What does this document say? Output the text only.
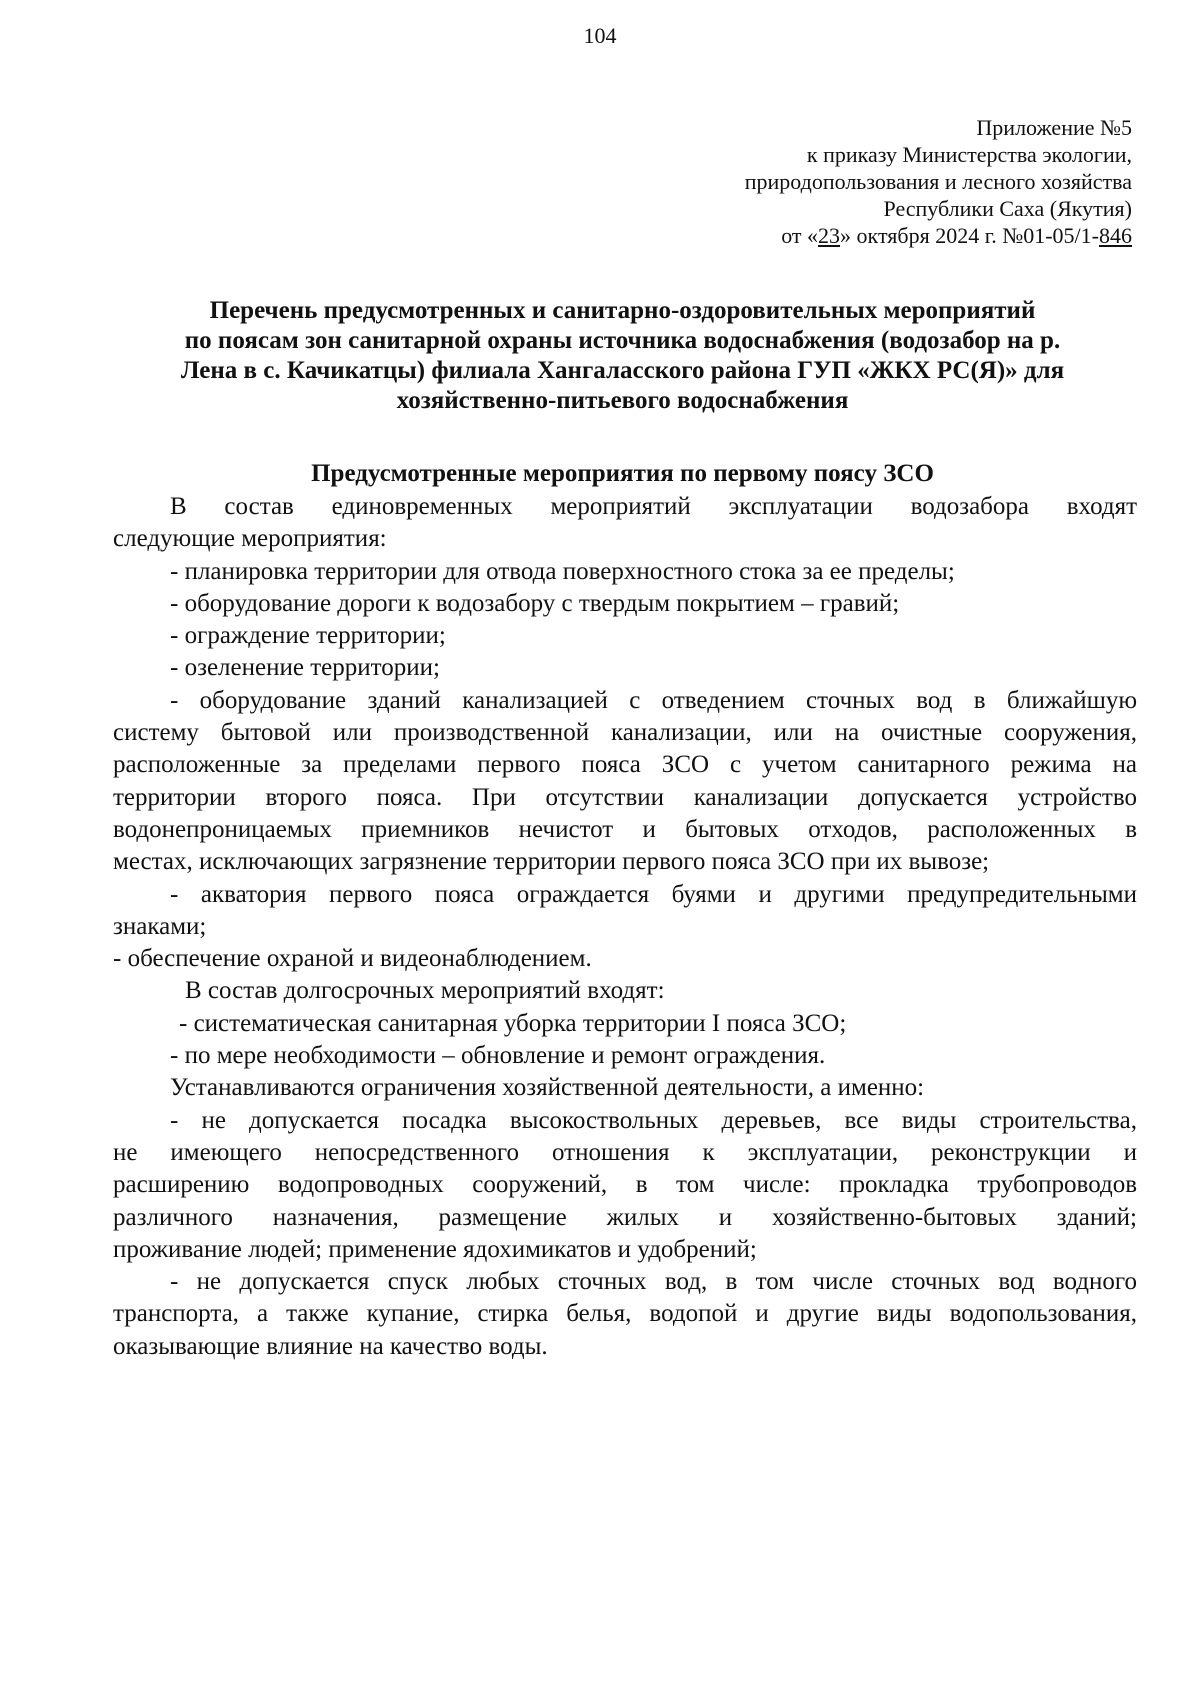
104
Приложение №5
к приказу Министерства экологии,
природопользования и лесного хозяйства
Республики Саха (Якутия)
от «23» октября 2024 г. №01-05/1-846
Перечень предусмотренных и санитарно-оздоровительных мероприятий
по поясам зон санитарной охраны источника водоснабжения (водозабор на р.
Лена в с. Качикатцы) филиала Хангаласского района ГУП «ЖКХ РС(Я)» для
хозяйственно-питьевого водоснабжения
Предусмотренные мероприятия по первому поясу ЗСО
В состав единовременных мероприятий эксплуатации водозабора входят
следующие мероприятия:
- планировка территории для отвода поверхностного стока за ее пределы;
- оборудование дороги к водозабору с твердым покрытием – гравий;
- ограждение территории;
- озеленение территории;
- оборудование зданий канализацией с отведением сточных вод в ближайшую
систему бытовой или производственной канализации, или на очистные сооружения,
расположенные за пределами первого пояса ЗСО с учетом санитарного режима на
территории второго пояса. При отсутствии канализации допускается устройство
водонепроницаемых приемников нечистот и бытовых отходов, расположенных в
местах, исключающих загрязнение территории первого пояса ЗСО при их вывозе;
- акватория первого пояса ограждается буями и другими предупредительными
знаками;
- обеспечение охраной и видеонаблюдением.
В состав долгосрочных мероприятий входят:
- систематическая санитарная уборка территории I пояса ЗСО;
- по мере необходимости – обновление и ремонт ограждения.
Устанавливаются ограничения хозяйственной деятельности, а именно:
- не допускается посадка высокоствольных деревьев, все виды строительства,
не имеющего непосредственного отношения к эксплуатации, реконструкции и
расширению водопроводных сооружений, в том числе: прокладка трубопроводов
различного назначения, размещение жилых и хозяйственно-бытовых зданий;
проживание людей; применение ядохимикатов и удобрений;
- не допускается спуск любых сточных вод, в том числе сточных вод водного
транспорта, а также купание, стирка белья, водопой и другие виды водопользования,
оказывающие влияние на качество воды.
